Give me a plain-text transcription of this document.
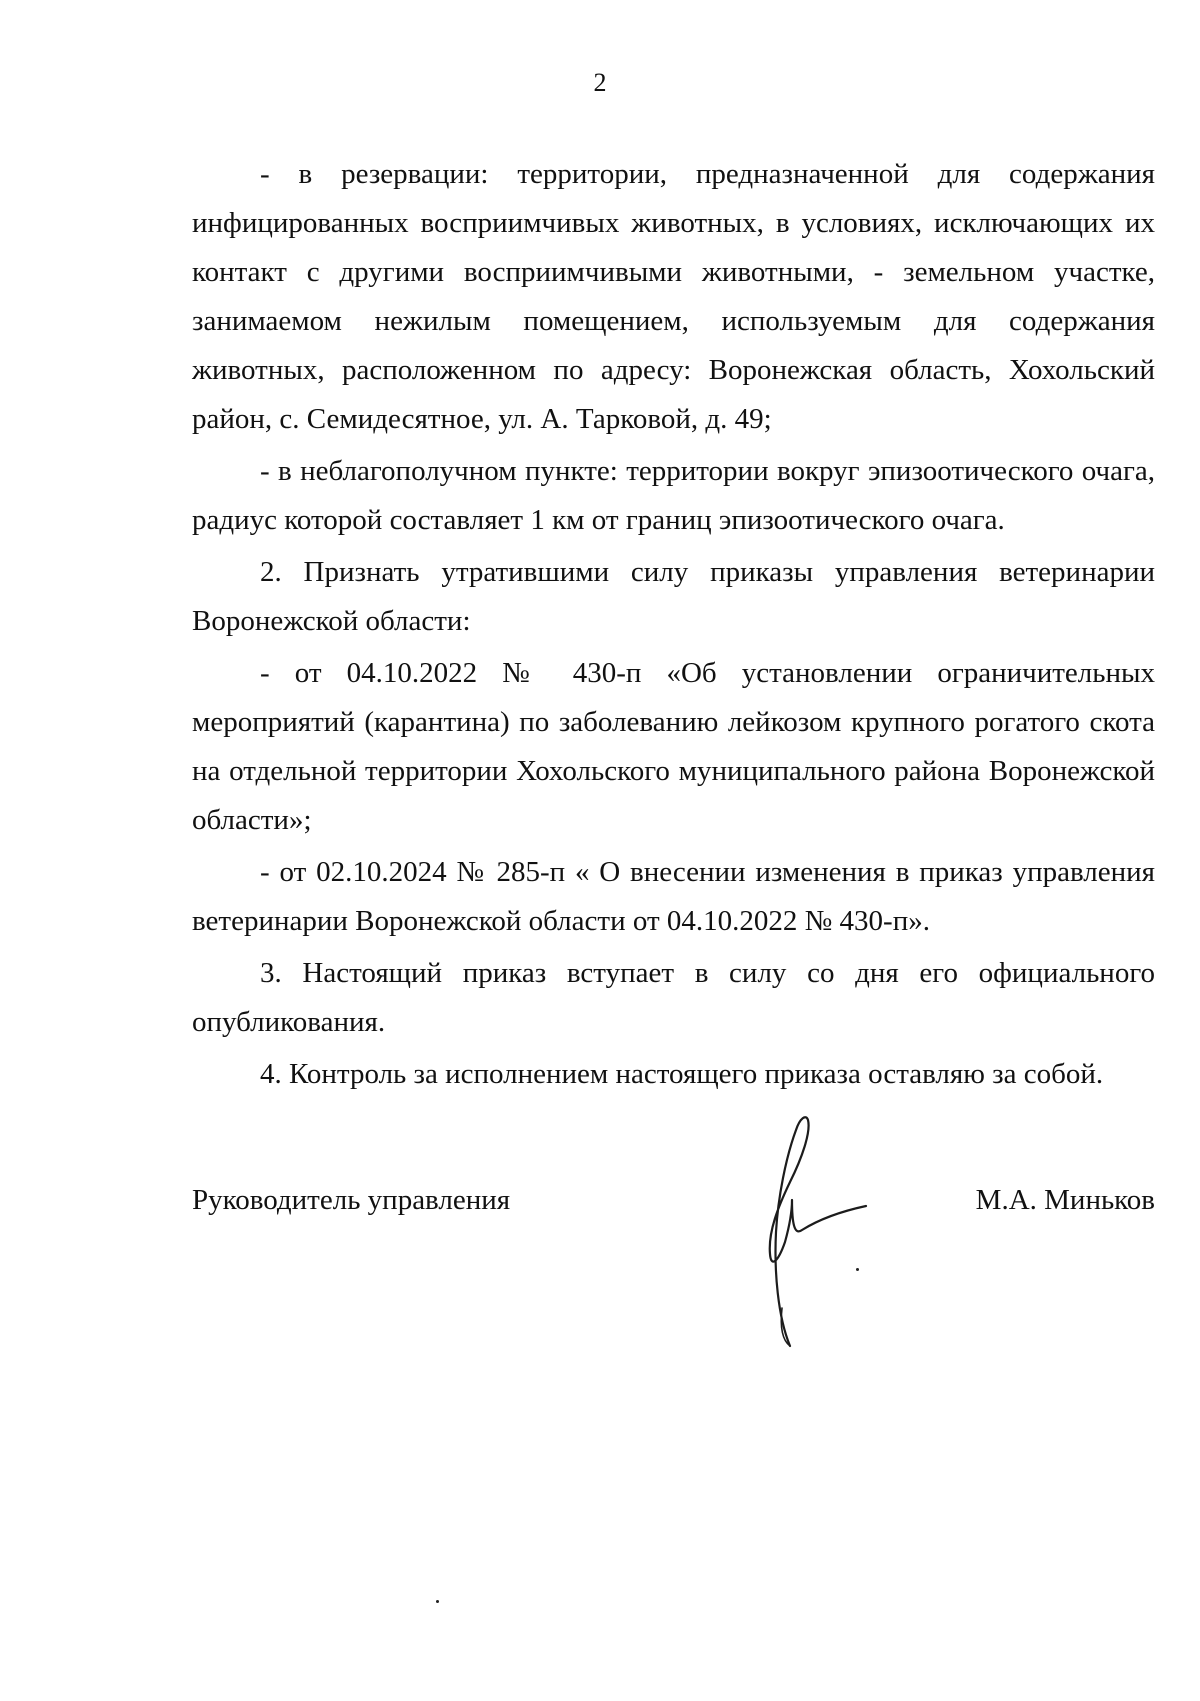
2

- в резервации: территории, предназначенной для содержания инфицированных восприимчивых животных, в условиях, исключающих их контакт с другими восприимчивыми животными, - земельном участке, занимаемом нежилым помещением, используемым для содержания животных, расположенном по адресу: Воронежская область, Хохольский район, с. Семидесятное, ул. А. Тарковой, д. 49;

- в неблагополучном пункте: территории вокруг эпизоотического очага, радиус которой составляет 1 км от границ эпизоотического очага.

2. Признать утратившими силу приказы управления ветеринарии Воронежской области:

- от 04.10.2022 № 430-п «Об установлении ограничительных мероприятий (карантина) по заболеванию лейкозом крупного рогатого скота на отдельной территории Хохольского муниципального района Воронежской области»;

- от 02.10.2024 № 285-п « О внесении изменения в приказ управления ветеринарии Воронежской области от 04.10.2022 № 430-п».

3. Настоящий приказ вступает в силу со дня его официального опубликования.

4. Контроль за исполнением настоящего приказа оставляю за собой.

Руководитель управления	М.А. Миньков
